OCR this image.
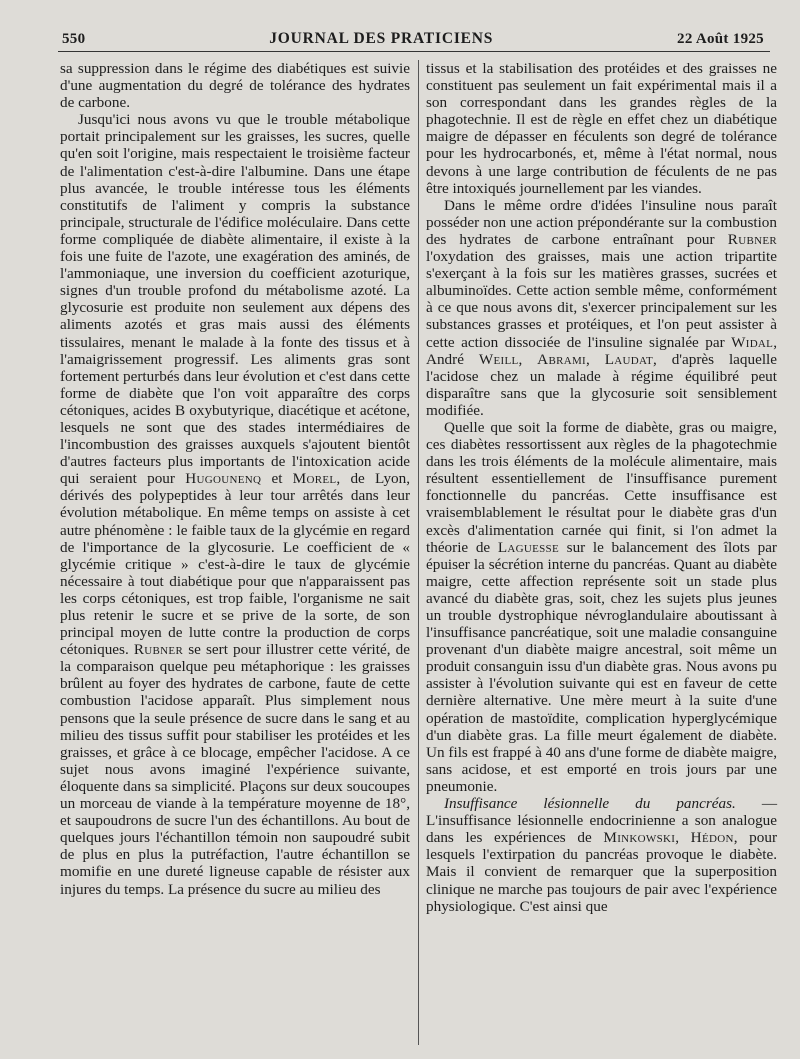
550	JOURNAL DES PRATICIENS	22 Août 1925

sa suppression dans le régime des diabétiques est suivie d'une augmentation du degré de tolérance des hydrates de carbone.

Jusqu'ici nous avons vu que le trouble métabolique portait principalement sur les graisses, les sucres, quelle qu'en soit l'origine, mais respectaient le troisième facteur de l'alimentation c'est-à-dire l'albumine. Dans une étape plus avancée, le trouble intéresse tous les éléments constitutifs de l'aliment y compris la substance principale, structurale de l'édifice moléculaire. Dans cette forme compliquée de diabète alimentaire, il existe à la fois une fuite de l'azote, une exagération des aminés, de l'ammoniaque, une inversion du coefficient azoturique, signes d'un trouble profond du métabolisme azoté. La glycosurie est produite non seulement aux dépens des aliments azotés et gras mais aussi des éléments tissulaires, menant le malade à la fonte des tissus et à l'amaigrissement progressif. Les aliments gras sont fortement perturbés dans leur évolution et c'est dans cette forme de diabète que l'on voit apparaître des corps cétoniques, acides B oxybutyrique, diacétique et acétone, lesquels ne sont que des stades intermédiaires de l'incombustion des graisses auxquels s'ajoutent bientôt d'autres facteurs plus importants de l'intoxication acide qui seraient pour Hugounenq et Morel, de Lyon, dérivés des polypeptides à leur tour arrêtés dans leur évolution métabolique. En même temps on assiste à cet autre phénomène : le faible taux de la glycémie en regard de l'importance de la glycosurie. Le coefficient de « glycémie critique » c'est-à-dire le taux de glycémie nécessaire à tout diabétique pour que n'apparaissent pas les corps cétoniques, est trop faible, l'organisme ne sait plus retenir le sucre et se prive de la sorte, de son principal moyen de lutte contre la production de corps cétoniques. Rubner se sert pour illustrer cette vérité, de la comparaison quelque peu métaphorique : les graisses brûlent au foyer des hydrates de carbone, faute de cette combustion l'acidose apparaît. Plus simplement nous pensons que la seule présence de sucre dans le sang et au milieu des tissus suffit pour stabiliser les protéides et les graisses, et grâce à ce blocage, empêcher l'acidose. A ce sujet nous avons imaginé l'expérience suivante, éloquente dans sa simplicité. Plaçons sur deux soucoupes un morceau de viande à la température moyenne de 18°, et saupoudrons de sucre l'un des échantillons. Au bout de quelques jours l'échantillon témoin non saupoudré subit de plus en plus la putréfaction, l'autre échantillon se momifie en une dureté ligneuse capable de résister aux injures du temps. La présence du sucre au milieu des

tissus et la stabilisation des protéides et des graisses ne constituent pas seulement un fait expérimental mais il a son correspondant dans les grandes règles de la phagotechnie. Il est de règle en effet chez un diabétique maigre de dépasser en féculents son degré de tolérance pour les hydrocarbonés, et, même à l'état normal, nous devons à une large contribution de féculents de ne pas être intoxiqués journellement par les viandes.

Dans le même ordre d'idées l'insuline nous paraît posséder non une action prépondérante sur la combustion des hydrates de carbone entraînant pour Rubner l'oxydation des graisses, mais une action tripartite s'exerçant à la fois sur les matières grasses, sucrées et albuminoïdes. Cette action semble même, conformément à ce que nous avons dit, s'exercer principalement sur les substances grasses et protéiques, et l'on peut assister à cette action dissociée de l'insuline signalée par Widal, André Weill, Abrami, Laudat, d'après laquelle l'acidose chez un malade à régime équilibré peut disparaître sans que la glycosurie soit sensiblement modifiée.

Quelle que soit la forme de diabète, gras ou maigre, ces diabètes ressortissent aux règles de la phagotechmie dans les trois éléments de la molécule alimentaire, mais résultent essentiellement de l'insuffisance purement fonctionnelle du pancréas. Cette insuffisance est vraisemblablement le résultat pour le diabète gras d'un excès d'alimentation carnée qui finit, si l'on admet la théorie de Laguesse sur le balancement des îlots par épuiser la sécrétion interne du pancréas. Quant au diabète maigre, cette affection représente soit un stade plus avancé du diabète gras, soit, chez les sujets plus jeunes un trouble dystrophique névroglandulaire aboutissant à l'insuffisance pancréatique, soit une maladie consanguine provenant d'un diabète maigre ancestral, soit même un produit consanguin issu d'un diabète gras. Nous avons pu assister à l'évolution suivante qui est en faveur de cette dernière alternative. Une mère meurt à la suite d'une opération de mastoïdite, complication hyperglycémique d'un diabète gras. La fille meurt également de diabète. Un fils est frappé à 40 ans d'une forme de diabète maigre, sans acidose, et est emporté en trois jours par une pneumonie.

Insuffisance lésionnelle du pancréas. — L'insuffisance lésionnelle endocrinienne a son analogue dans les expériences de Minkowski, Hédon, pour lesquels l'extirpation du pancréas provoque le diabète. Mais il convient de remarquer que la superposition clinique ne marche pas toujours de pair avec l'expérience physiologique. C'est ainsi que
